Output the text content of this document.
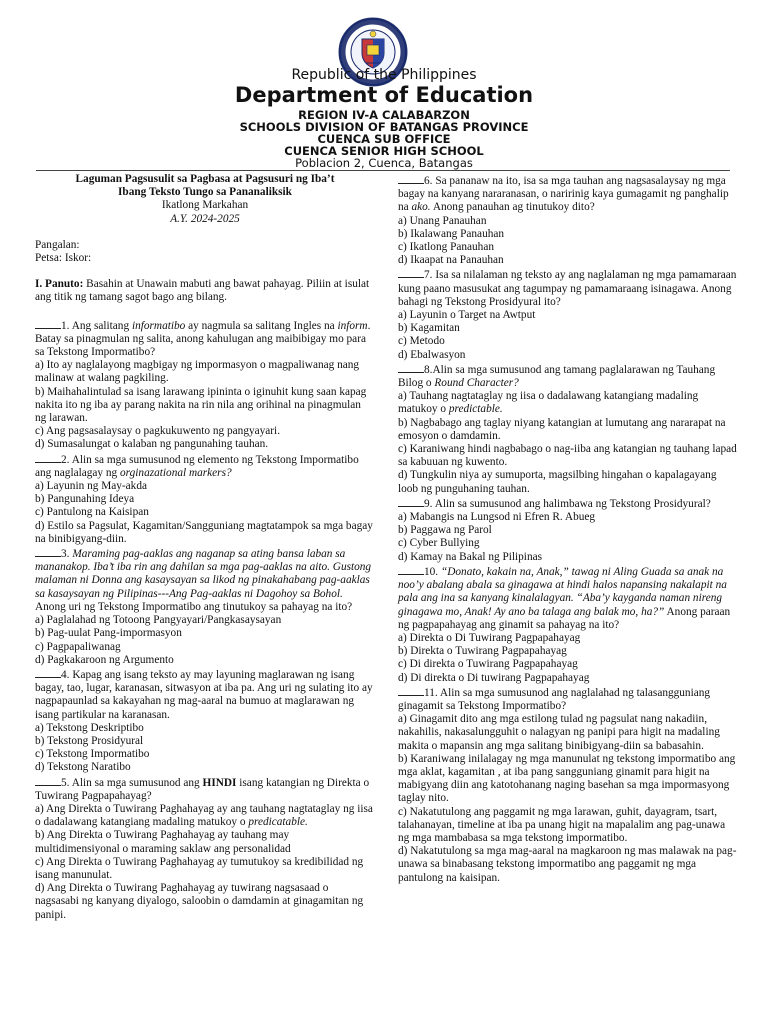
Republic of the Philippines
Department of Education
REGION IV-A CALABARZON
SCHOOLS DIVISION OF BATANGAS PROVINCE
CUENCA SUB OFFICE
CUENCA SENIOR HIGH SCHOOL
Poblacion 2, Cuenca, Batangas

Laguman Pagsusulit sa Pagbasa at Pagsusuri ng Iba’t

Ibang Teksto Tungo sa Pananaliksik

Ikatlong Markahan

A.Y. 2024-2025

Pangalan:

Petsa: Iskor:

I. Panuto: Basahin at Unawain mabuti ang bawat pahayag. Piliin at isulat ang titik ng tamang sagot bago ang bilang.

1. Ang salitang informatibo ay nagmula sa salitang Ingles na inform. Batay sa pinagmulan ng salita, anong kahulugan ang maibibigay mo para sa Tekstong Impormatibo?

a) Ito ay naglalayong magbigay ng impormasyon o magpaliwanag nang malinaw at walang pagkiling.

b) Maihahalintulad sa isang larawang ipininta o iginuhit kung saan kapag nakita ito ng iba ay parang nakita na rin nila ang orihinal na pinagmulan ng larawan.

c) Ang pagsasalaysay o pagkukuwento ng pangyayari.

d) Sumasalungat o kalaban ng pangunahing tauhan.

2. Alin sa mga sumusunod ng elemento ng Tekstong Impormatibo ang naglalagay ng orginazational markers?

a) Layunin ng May-akda

b) Pangunahing Ideya

c) Pantulong na Kaisipan

d) Estilo sa Pagsulat, Kagamitan/Sangguniang magtatampok sa mga bagay na binibigyang-diin.

3. Maraming pag-aaklas ang naganap sa ating bansa laban sa mananakop. Iba’t iba rin ang dahilan sa mga pag-aaklas na aito. Gustong malaman ni Donna ang kasaysayan sa likod ng pinakahabang pag-aaklas sa kasaysayan ng Pilipinas---Ang Pag-aaklas ni Dagohoy sa Bohol. Anong uri ng Tekstong Impormatibo ang tinutukoy sa pahayag na ito?

a) Paglalahad ng Totoong Pangyayari/Pangkasaysayan

b) Pag-uulat Pang-impormasyon

c) Pagpapaliwanag

d) Pagkakaroon ng Argumento

4. Kapag ang isang teksto ay may layuning maglarawan ng isang bagay, tao, lugar, karanasan, sitwasyon at iba pa. Ang uri ng sulating ito ay nagpapaunlad sa kakayahan ng mag-aaral na bumuo at maglarawan ng isang partikular na karanasan.

a) Tekstong Deskriptibo

b) Tekstong Prosidyural

c) Tekstong Impormatibo

d) Tekstong Naratibo

5. Alin sa mga sumusunod ang HINDI isang katangian ng Direkta o Tuwirang Pagpapahayag?

a) Ang Direkta o Tuwirang Paghahayag ay ang tauhang nagtataglay ng iisa o dadalawang katangiang madaling matukoy o predicatable.

b) Ang Direkta o Tuwirang Paghahayag ay tauhang may multidimensiyonal o maraming saklaw ang personalidad

c) Ang Direkta o Tuwirang Paghahayag ay tumutukoy sa kredibilidad ng isang manunulat.

d) Ang Direkta o Tuwirang Paghahayag ay tuwirang nagsasaad o nagsasabi ng kanyang diyalogo, saloobin o damdamin at ginagamitan ng panipi.

6. Sa pananaw na ito, isa sa mga tauhan ang nagsasalaysay ng mga bagay na kanyang nararanasan, o naririnig kaya gumagamit ng panghalip na ako. Anong panauhan ag tinutukoy dito?

a) Unang Panauhan

b) Ikalawang Panauhan

c) Ikatlong Panauhan

d) Ikaapat na Panauhan

7. Isa sa nilalaman ng teksto ay ang naglalaman ng mga pamamaraan kung paano masusukat ang tagumpay ng pamamaraang isinagawa. Anong bahagi ng Tekstong Prosidyural ito?

a) Layunin o Target na Awtput

b) Kagamitan

c) Metodo

d) Ebalwasyon

8.Alin sa mga sumusunod ang tamang paglalarawan ng Tauhang Bilog o Round Character?

a) Tauhang nagtataglay ng iisa o dadalawang katangiang madaling matukoy o predictable.

b) Nagbabago ang taglay niyang katangian at lumutang ang nararapat na emosyon o damdamin.

c) Karaniwang hindi nagbabago o nag-iiba ang katangian ng tauhang lapad sa kabuuan ng kuwento.

d) Tungkulin niya ay sumuporta, magsilbing hingahan o kapalagayang loob ng punguhaning tauhan.

9. Alin sa sumusunod ang halimbawa ng Tekstong Prosidyural?

a) Mabangis na Lungsod ni Efren R. Abueg

b) Paggawa ng Parol

c) Cyber Bullying

d) Kamay na Bakal ng Pilipinas

10. “Donato, kakain na, Anak,” tawag ni Aling Guada sa anak na noo’y abalang abala sa ginagawa at hindi halos napansing nakalapit na pala ang ina sa kanyang kinalalagyan. “Aba’y kayganda naman nireng ginagawa mo, Anak! Ay ano ba talaga ang balak mo, ha?” Anong paraan ng pagpapahayag ang ginamit sa pahayag na ito?

a) Direkta o Di Tuwirang Pagpapahayag

b) Direkta o Tuwirang Pagpapahayag

c) Di direkta o Tuwirang Pagpapahayag

d) Di direkta o Di tuwirang Pagpapahayag

11. Alin sa mga sumusunod ang naglalahad ng talasangguniang ginagamit sa Tekstong Impormatibo?

a) Ginagamit dito ang mga estilong tulad ng pagsulat nang nakadiin, nakahilis, nakasalungguhit o nalagyan ng panipi para higit na madaling makita o mapansin ang mga salitang binibigyang-diin sa babasahin.

b) Karaniwang inilalagay ng mga manunulat ng tekstong impormatibo ang mga aklat, kagamitan , at iba pang sangguniang ginamit para higit na mabigyang diin ang katotohanang naging basehan sa mga impormasyong taglay nito.

c) Nakatutulong ang paggamit ng mga larawan, guhit, dayagram, tsart, talahanayan, timeline at iba pa unang higit na mapalalim ang pag-unawa ng mga mambabasa sa mga tekstong impormatibo.

d) Nakatutulong sa mga mag-aaral na magkaroon ng mas malawak na pag-unawa sa binabasang tekstong impormatibo ang paggamit ng mga pantulong na kaisipan.
